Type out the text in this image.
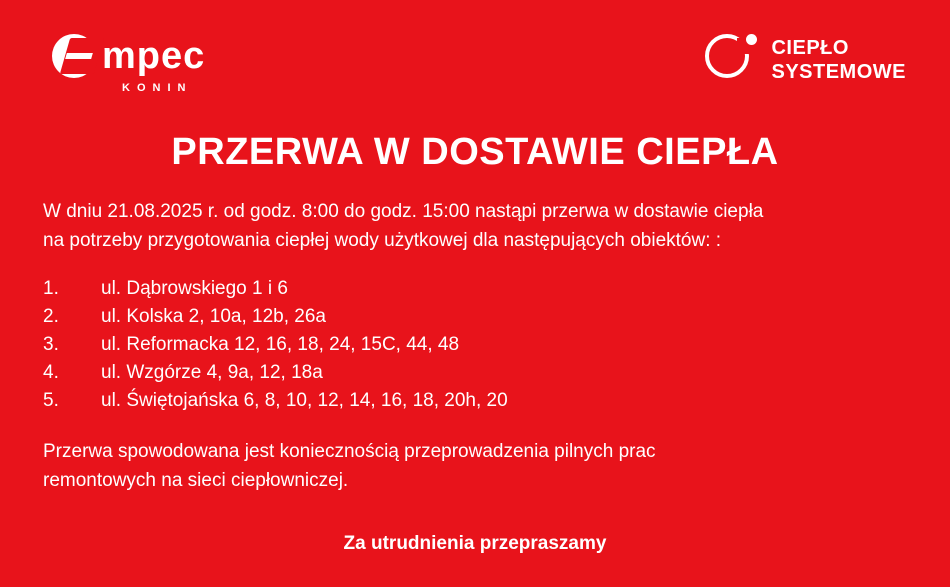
mpec
KONIN
CIEPŁO
SYSTEMOWE
PRZERWA W DOSTAWIE CIEPŁA
W dniu 21.08.2025 r. od godz. 8:00 do godz. 15:00 nastąpi przerwa w dostawie ciepła
na potrzeby przygotowania ciepłej wody użytkowej dla następujących obiektów: :
1.	ul. Dąbrowskiego 1 i 6
2.	ul. Kolska 2, 10a, 12b, 26a
3.	ul. Reformacka 12, 16, 18, 24, 15C, 44, 48
4.	ul. Wzgórze 4, 9a, 12, 18a
5.	ul. Świętojańska 6, 8, 10, 12, 14, 16, 18, 20h, 20
Przerwa spowodowana jest koniecznością przeprowadzenia pilnych prac
remontowych na sieci ciepłowniczej.
Za utrudnienia przepraszamy
